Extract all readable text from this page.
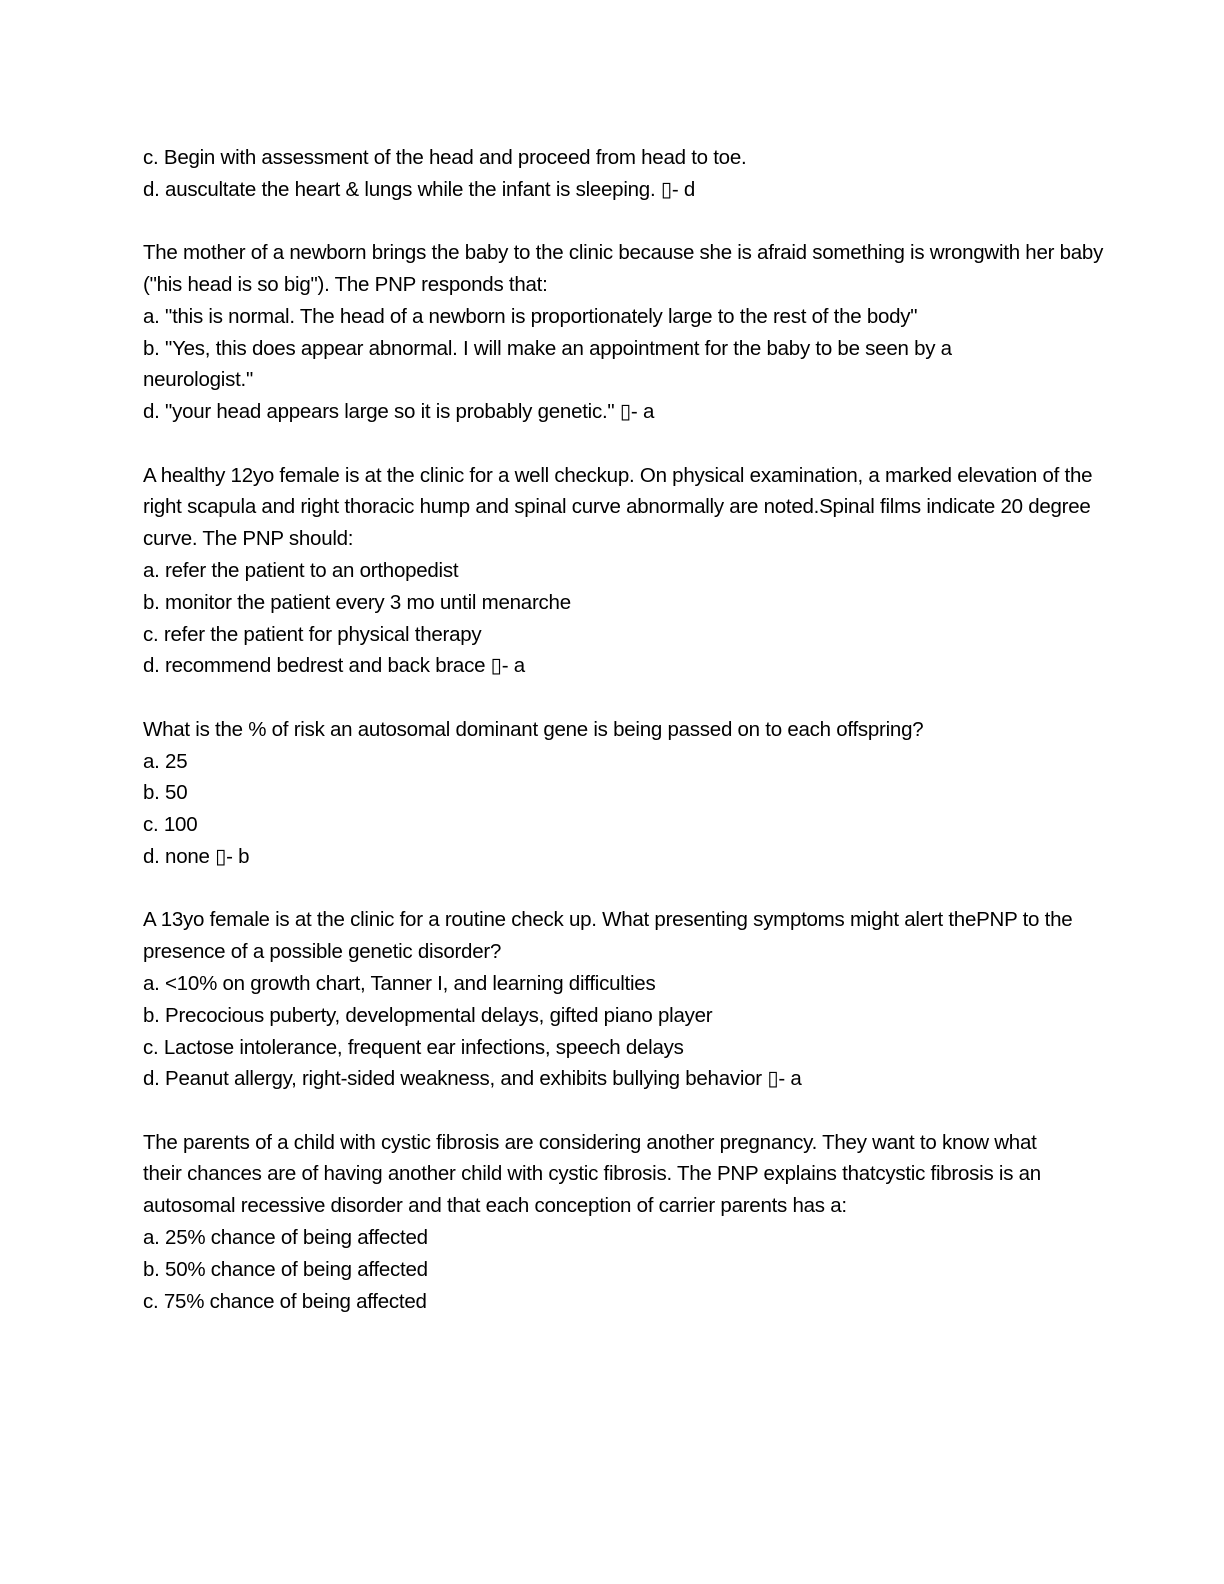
c. Begin with assessment of the head and proceed from head to toe.
d. auscultate the heart & lungs while the infant is sleeping. ▯- d
The mother of a newborn brings the baby to the clinic because she is afraid something is wrongwith her baby
("his head is so big"). The PNP responds that:
a. "this is normal. The head of a newborn is proportionately large to the rest of the body"
b. "Yes, this does appear abnormal. I will make an appointment for the baby to be seen by a
neurologist."
d. "your head appears large so it is probably genetic." ▯- a
A healthy 12yo female is at the clinic for a well checkup. On physical examination, a marked elevation of the
right scapula and right thoracic hump and spinal curve abnormally are noted.Spinal films indicate 20 degree
curve. The PNP should:
a. refer the patient to an orthopedist
b. monitor the patient every 3 mo until menarche
c. refer the patient for physical therapy
d. recommend bedrest and back brace ▯- a
What is the % of risk an autosomal dominant gene is being passed on to each offspring?
a. 25
b. 50
c. 100
d. none ▯- b
A 13yo female is at the clinic for a routine check up. What presenting symptoms might alert thePNP to the
presence of a possible genetic disorder?
a. <10% on growth chart, Tanner I, and learning difficulties
b. Precocious puberty, developmental delays, gifted piano player
c. Lactose intolerance, frequent ear infections, speech delays
d. Peanut allergy, right-sided weakness, and exhibits bullying behavior ▯- a
The parents of a child with cystic fibrosis are considering another pregnancy. They want to know what
their chances are of having another child with cystic fibrosis. The PNP explains thatcystic fibrosis is an
autosomal recessive disorder and that each conception of carrier parents has a:
a. 25% chance of being affected
b. 50% chance of being affected
c. 75% chance of being affected
